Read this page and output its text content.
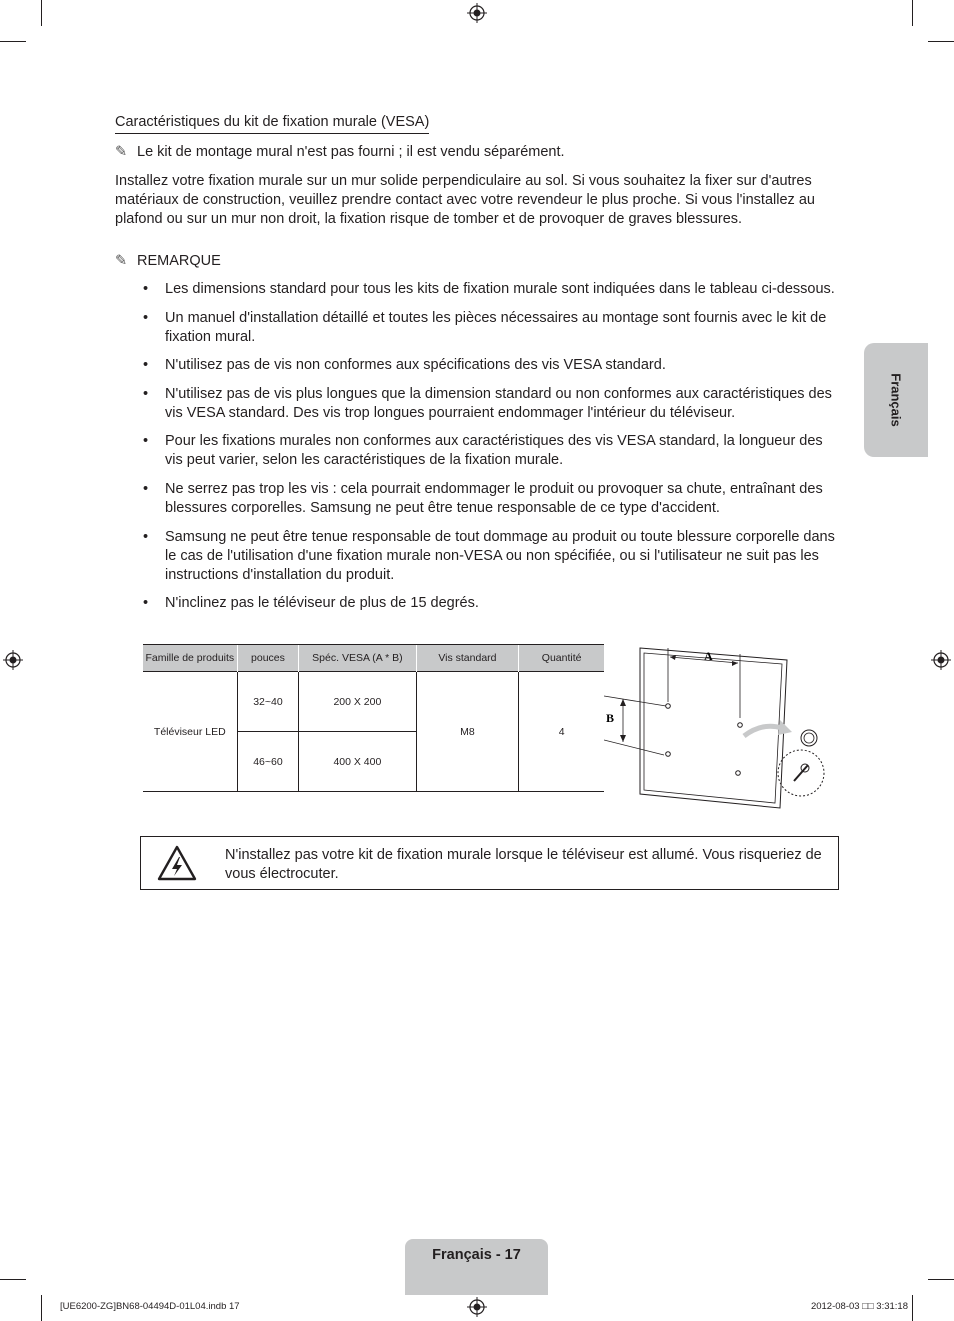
Caractéristiques du kit de fixation murale (VESA)
✎ Le kit de montage mural n'est pas fourni ; il est vendu séparément.
Installez votre fixation murale sur un mur solide perpendiculaire au sol. Si vous souhaitez la fixer sur d'autres matériaux de construction, veuillez prendre contact avec votre revendeur le plus proche. Si vous l'installez au plafond ou sur un mur non droit, la fixation risque de tomber et de provoquer de graves blessures.
✎ REMARQUE
• Les dimensions standard pour tous les kits de fixation murale sont indiquées dans le tableau ci-dessous.
• Un manuel d'installation détaillé et toutes les pièces nécessaires au montage sont fournis avec le kit de fixation mural.
• N'utilisez pas de vis non conformes aux spécifications des vis VESA standard.
• N'utilisez pas de vis plus longues que la dimension standard ou non conformes aux caractéristiques des vis VESA standard. Des vis trop longues pourraient endommager l'intérieur du téléviseur.
• Pour les fixations murales non conformes aux caractéristiques des vis VESA standard, la longueur des vis peut varier, selon les caractéristiques de la fixation murale.
• Ne serrez pas trop les vis : cela pourrait endommager le produit ou provoquer sa chute, entraînant des blessures corporelles. Samsung ne peut être tenue responsable de ce type d'accident.
• Samsung ne peut être tenue responsable de tout dommage au produit ou toute blessure corporelle dans le cas de l'utilisation d'une fixation murale non-VESA ou non spécifiée, ou si l'utilisateur ne suit pas les instructions d'installation du produit.
• N'inclinez pas le téléviseur de plus de 15 degrés.
Français
Famille de produits	pouces	Spéc. VESA (A * B)	Vis standard	Quantité
Téléviseur LED	32~40	200 X 200	M8	4
	46~60	400 X 400		
A
B
N'installez pas votre kit de fixation murale lorsque le téléviseur est allumé. Vous risqueriez de vous électrocuter.
Français - 17
[UE6200-ZG]BN68-04494D-01L04.indb 17	2012-08-03 □□ 3:31:18
